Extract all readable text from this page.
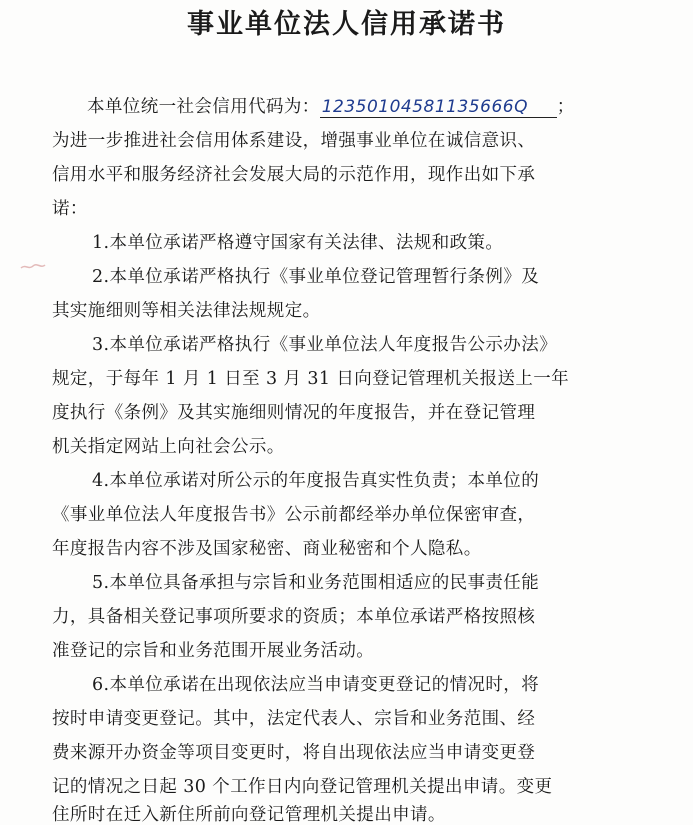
事业单位法人信用承诺书
本单位统一社会信用代码为： 12350104581135666Q ；
为进一步推进社会信用体系建设，增强事业单位在诚信意识、
信用水平和服务经济社会发展大局的示范作用，现作出如下承
诺：
1.本单位承诺严格遵守国家有关法律、法规和政策。
2.本单位承诺严格执行《事业单位登记管理暂行条例》及
其实施细则等相关法律法规规定。
3.本单位承诺严格执行《事业单位法人年度报告公示办法》
规定，于每年 1 月 1 日至 3 月 31 日向登记管理机关报送上一年
度执行《条例》及其实施细则情况的年度报告，并在登记管理
机关指定网站上向社会公示。
4.本单位承诺对所公示的年度报告真实性负责；本单位的
《事业单位法人年度报告书》公示前都经举办单位保密审查，
年度报告内容不涉及国家秘密、商业秘密和个人隐私。
5.本单位具备承担与宗旨和业务范围相适应的民事责任能
力，具备相关登记事项所要求的资质；本单位承诺严格按照核
准登记的宗旨和业务范围开展业务活动。
6.本单位承诺在出现依法应当申请变更登记的情况时，将
按时申请变更登记。其中，法定代表人、宗旨和业务范围、经
费来源开办资金等项目变更时，将自出现依法应当申请变更登
记的情况之日起 30 个工作日内向登记管理机关提出申请。变更
住所时在迁入新住所前向登记管理机关提出申请。
